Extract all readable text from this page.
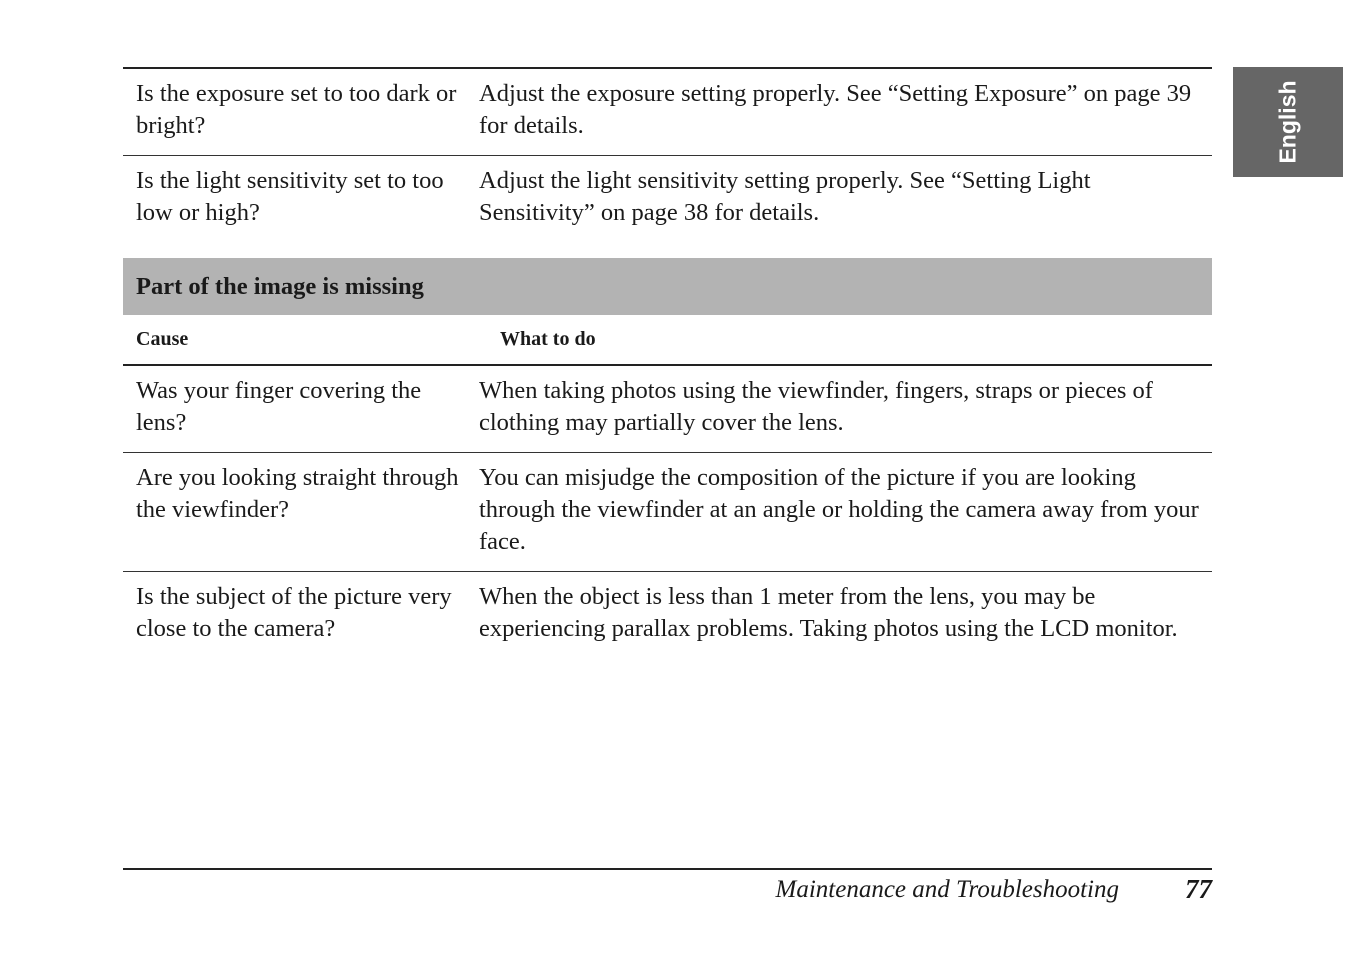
English
Is the exposure set to too dark or bright?
Adjust the exposure setting properly. See “Setting Exposure” on page 39 for details.
Is the light sensitivity set to too low or high?
Adjust the light sensitivity setting properly. See “Setting Light Sensitivity” on page 38 for details.
Part of the image is missing
Cause	What to do
Was your finger covering the lens?
When taking photos using the viewfinder, fingers, straps or pieces of clothing may partially cover the lens.
Are you looking straight through the viewfinder?
You can misjudge the composition of the picture if you are looking through the viewfinder at an angle or holding the camera away from your face.
Is the subject of the picture very close to the camera?
When the object is less than 1 meter from the lens, you may be experiencing parallax problems. Taking photos using the LCD monitor.
Maintenance and Troubleshooting 77
